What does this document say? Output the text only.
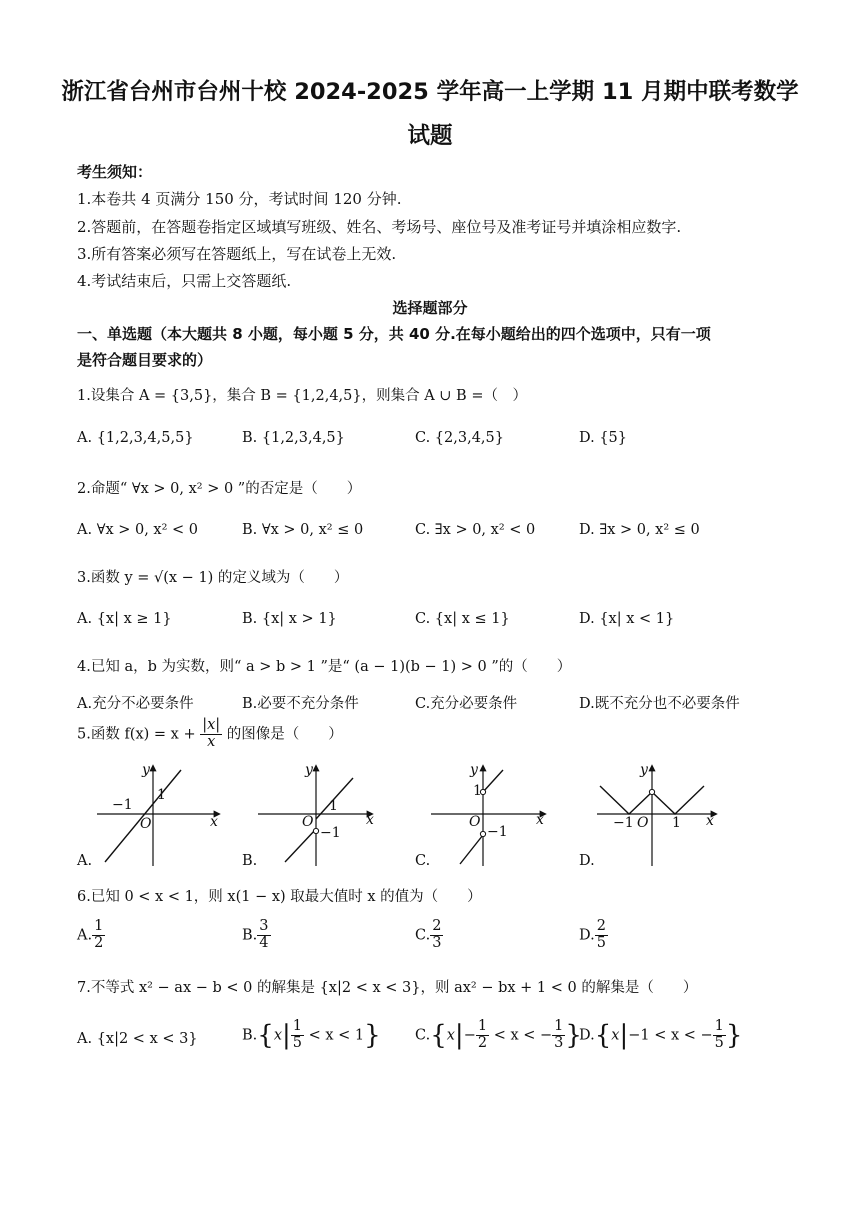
浙江省台州市台州十校 2024-2025 学年高一上学期 11 月期中联考数学
试题
考生须知：
1.本卷共 4 页满分 150 分，考试时间 120 分钟.
2.答题前，在答题卷指定区域填写班级、姓名、考场号、座位号及准考证号并填涂相应数字.
3.所有答案必须写在答题纸上，写在试卷上无效.
4.考试结束后，只需上交答题纸.
选择题部分
一、单选题（本大题共 8 小题，每小题 5 分，共 40 分.在每小题给出的四个选项中，只有一项
是符合题目要求的）
1.设集合 A = {3,5}，集合 B = {1,2,4,5}，则集合 A ∪ B =（　）
A. {1,2,3,4,5,5}	B. {1,2,3,4,5}	C. {2,3,4,5}	D. {5}
2.命题“ ∀x > 0, x² > 0 ”的否定是（　　）
A. ∀x > 0, x² < 0	B. ∀x > 0, x² ≤ 0	C. ∃x > 0, x² < 0	D. ∃x > 0, x² ≤ 0
3.函数 y = √(x − 1) 的定义域为（　　）
A. {x| x ≥ 1}	B. {x| x > 1}	C. {x| x ≤ 1}	D. {x| x < 1}
4.已知 a，b 为实数，则“ a > b > 1 ”是“ (a − 1)(b − 1) > 0 ”的（　　）
A.充分不必要条件	B.必要不充分条件	C.充分必要条件	D.既不充分也不必要条件
5.函数 $f(x) = x + \frac{|x|}{x}$ 的图像是（　　）
y
x
O
−1
1
A.
y
x
O
1
−1
B.
y
x
O
1
−1
C.
y
x
−1 O 1
D.
6.已知 0 < x < 1，则 x(1 − x) 取最大值时 x 的值为（　　）
A. $\frac{1}{2}$	B. $\frac{3}{4}$	C. $\frac{2}{3}$	D. $\frac{2}{5}$
7.不等式 x² − ax − b < 0 的解集是 {x|2 < x < 3}，则 ax² − bx + 1 < 0 的解集是（　　）
A. {x|2 < x < 3}	$B.\{x| \frac{1}{5} < x < 1\}$ $C.\{x|- \frac{1}{2} < x$ < − $\frac{1}{3}$ }
D.{x|−1 < x < − $\frac{1}{5}$ }
